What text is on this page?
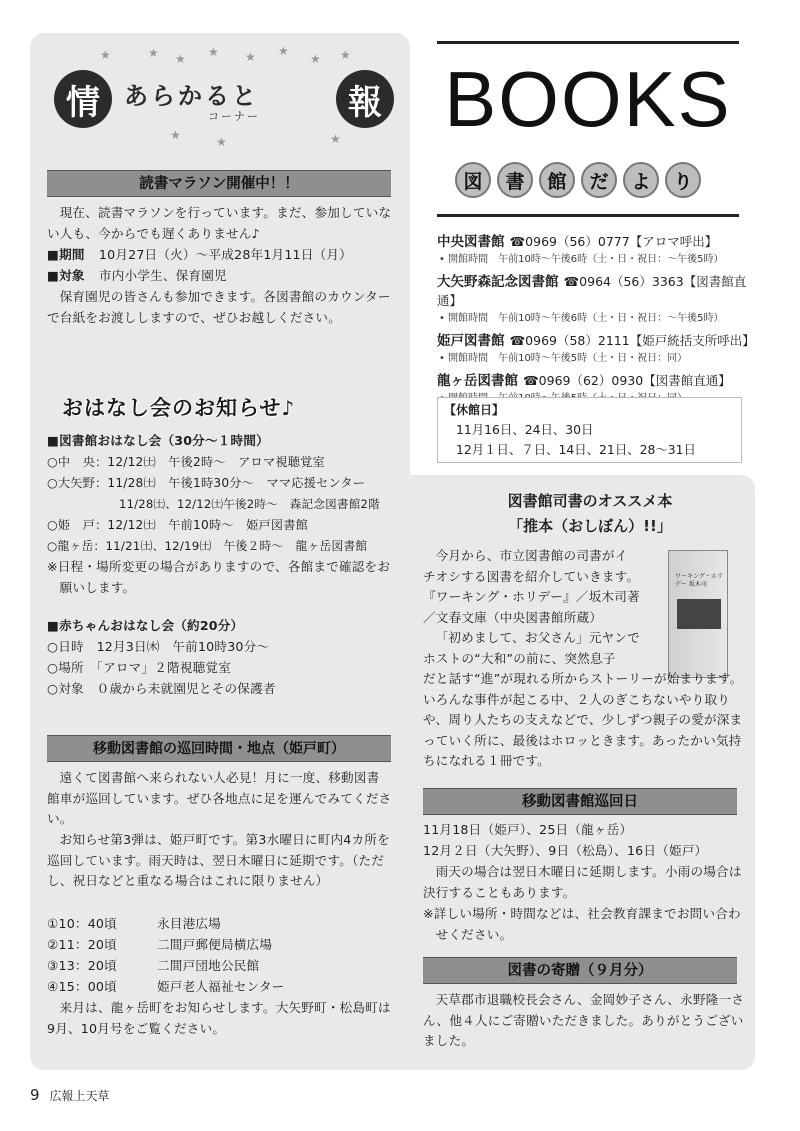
★ ★ ★ ★ ★
★ ★
★
★	★	★
情	報
あらかると
コーナー
読書マラソン開催中！！
現在、読書マラソンを行っています。まだ、参加していない人も、今からでも遅くありません♪
■期間 10月27日（火）～平成28年1月11日（月）
■対象 市内小学生、保育園児
保育園児の皆さんも参加できます。各図書館のカウンターで台紙をお渡ししますので、ぜひお越しください。
おはなし会のお知らせ♪
■図書館おはなし会（30分～１時間）
○中　央：12/12㈯　午後2時～　アロマ視聴覚室
○大矢野：11/28㈯　午後1時30分～　ママ応援センター
11/28㈯、12/12㈯午後2時～　森記念図書館2階
○姫　戸：12/12㈯　午前10時～　姫戸図書館
○龍ヶ岳：11/21㈯、12/19㈯　午後２時～　龍ヶ岳図書館
※日程・場所変更の場合がありますので、各館まで確認をお願いします。
■赤ちゃんおはなし会（約20分）
○日時　12月3日㈭　午前10時30分～
○場所　「アロマ」２階視聴覚室
○対象　０歳から未就園児とその保護者
移動図書館の巡回時間・地点（姫戸町）
遠くて図書館へ来られない人必見！月に一度、移動図書館車が巡回しています。ぜひ各地点に足を運んでみてください。
お知らせ第3弾は、姫戸町です。第3水曜日に町内4カ所を巡回しています。雨天時は、翌日木曜日に延期です。（ただし、祝日などと重なる場合はこれに限りません）
①10：40頃	永目港広場
②11：20頃	二間戸郵便局横広場
③13：20頃	二間戸団地公民館
④15：00頃	姫戸老人福祉センター
来月は、龍ヶ岳町をお知らせします。大矢野町・松島町は9月、10月号をご覧ください。
BOOKS
図	書	館	だ	よ	り
中央図書館 ☎0969（56）0777【アロマ呼出】
• 開館時間　午前10時～午後6時（土・日・祝日：～午後5時）
大矢野森記念図書館 ☎0964（56）3363【図書館直通】
• 開館時間　午前10時～午後6時（土・日・祝日：～午後5時）
姫戸図書館 ☎0969（58）2111【姫戸統括支所呼出】
• 開館時間　午前10時～午後5時（土・日・祝日：同）
龍ヶ岳図書館 ☎0969（62）0930【図書館直通】
【休館日】
11月16日、24日、30日
12月１日、７日、14日、21日、28～31日
図書館司書のオススメ本
「推本（おしぼん）!!」
ワーキング・ホリデー 坂木司
今月から、市立図書館の司書がイ
チオシする図書を紹介していきます。
『ワーキング・ホリデー』／坂木司著
／文春文庫（中央図書館所蔵）
「初めまして、お父さん」元ヤンで
ホストの“大和”の前に、突然息子
だと話す“進”が現れる所からストーリーが始まります。いろんな事件が起こる中、２人のぎこちないやり取りや、周り人たちの支えなどで、少しずつ親子の愛が深まっていく所に、最後はホロッときます。あったかい気持ちになれる１冊です。
移動図書館巡回日
11月18日（姫戸）、25日（龍ヶ岳）
12月２日（大矢野）、9日（松島）、16日（姫戸）
雨天の場合は翌日木曜日に延期します。小雨の場合は決行することもあります。
※詳しい場所・時間などは、社会教育課までお問い合わせください。
図書の寄贈（９月分）
天草郡市退職校長会さん、金岡妙子さん、永野隆一さん、他４人にご寄贈いただきました。ありがとうございました。
9 広報上天草
